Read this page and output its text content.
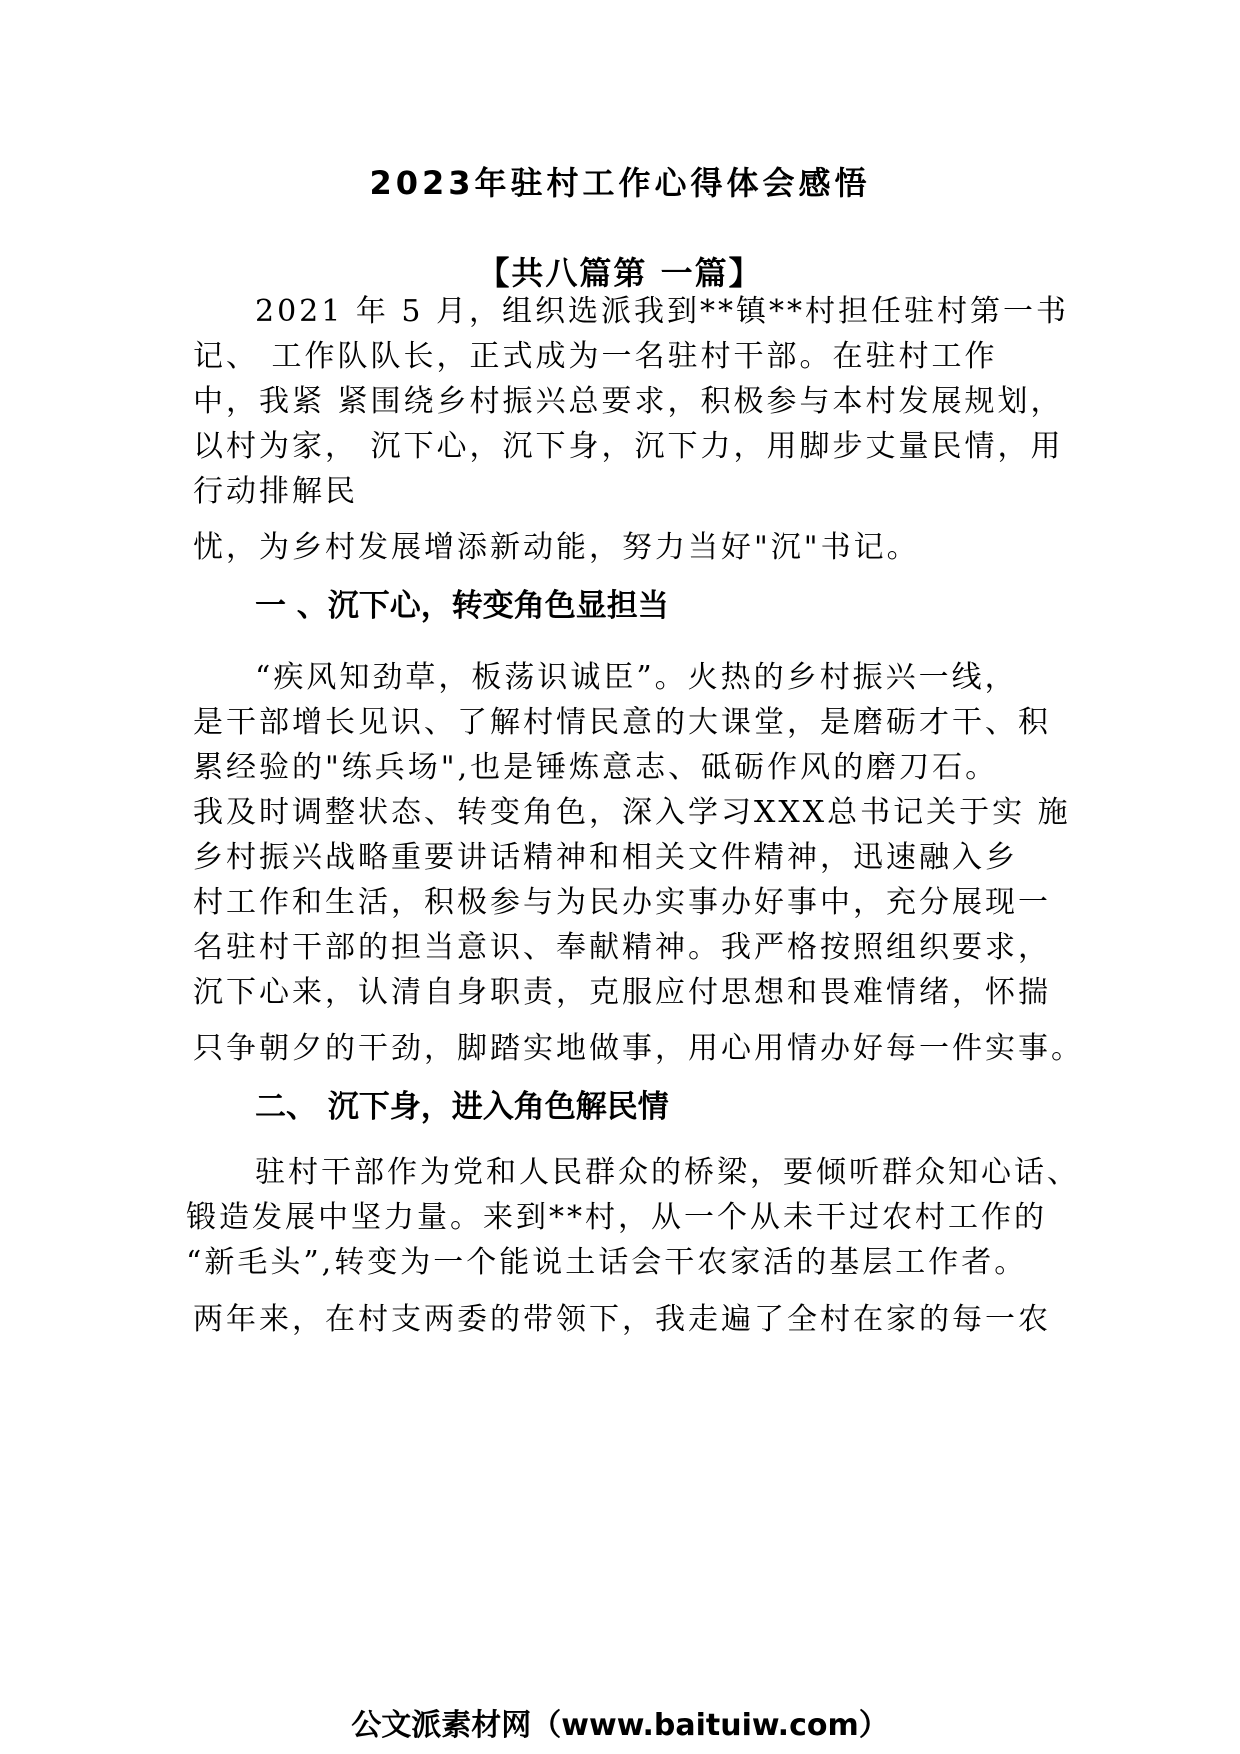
2023年驻村工作心得体会感悟
【共八篇第 一篇】
2021 年 5 月，组织选派我到**镇**村担任驻村第一书
记、 工作队队长，正式成为一名驻村干部。在驻村工作
中，我紧 紧围绕乡村振兴总要求，积极参与本村发展规划，
以村为家， 沉下心，沉下身，沉下力，用脚步丈量民情，用
行动排解民
忧，为乡村发展增添新动能，努力当好"沉"书记。
一 、沉下心，转变角色显担当
“疾风知劲草，板荡识诚臣”。火热的乡村振兴一线，
是干部增长见识、了解村情民意的大课堂，是磨砺才干、积
累经验的"练兵场",也是锤炼意志、砥砺作风的磨刀石。
我及时调整状态、转变角色，深入学习XXX总书记关于实 施
乡村振兴战略重要讲话精神和相关文件精神，迅速融入乡
村工作和生活，积极参与为民办实事办好事中，充分展现一
名驻村干部的担当意识、奉献精神。我严格按照组织要求，
沉下心来，认清自身职责，克服应付思想和畏难情绪，怀揣
只争朝夕的干劲，脚踏实地做事，用心用情办好每一件实事。
二、 沉下身，进入角色解民情
驻村干部作为党和人民群众的桥梁，要倾听群众知心话、
锻造发展中坚力量。来到**村，从一个从未干过农村工作的
“新毛头”,转变为一个能说土话会干农家活的基层工作者。
两年来，在村支两委的带领下，我走遍了全村在家的每一农
公文派素材网（www.baituiw.com）
